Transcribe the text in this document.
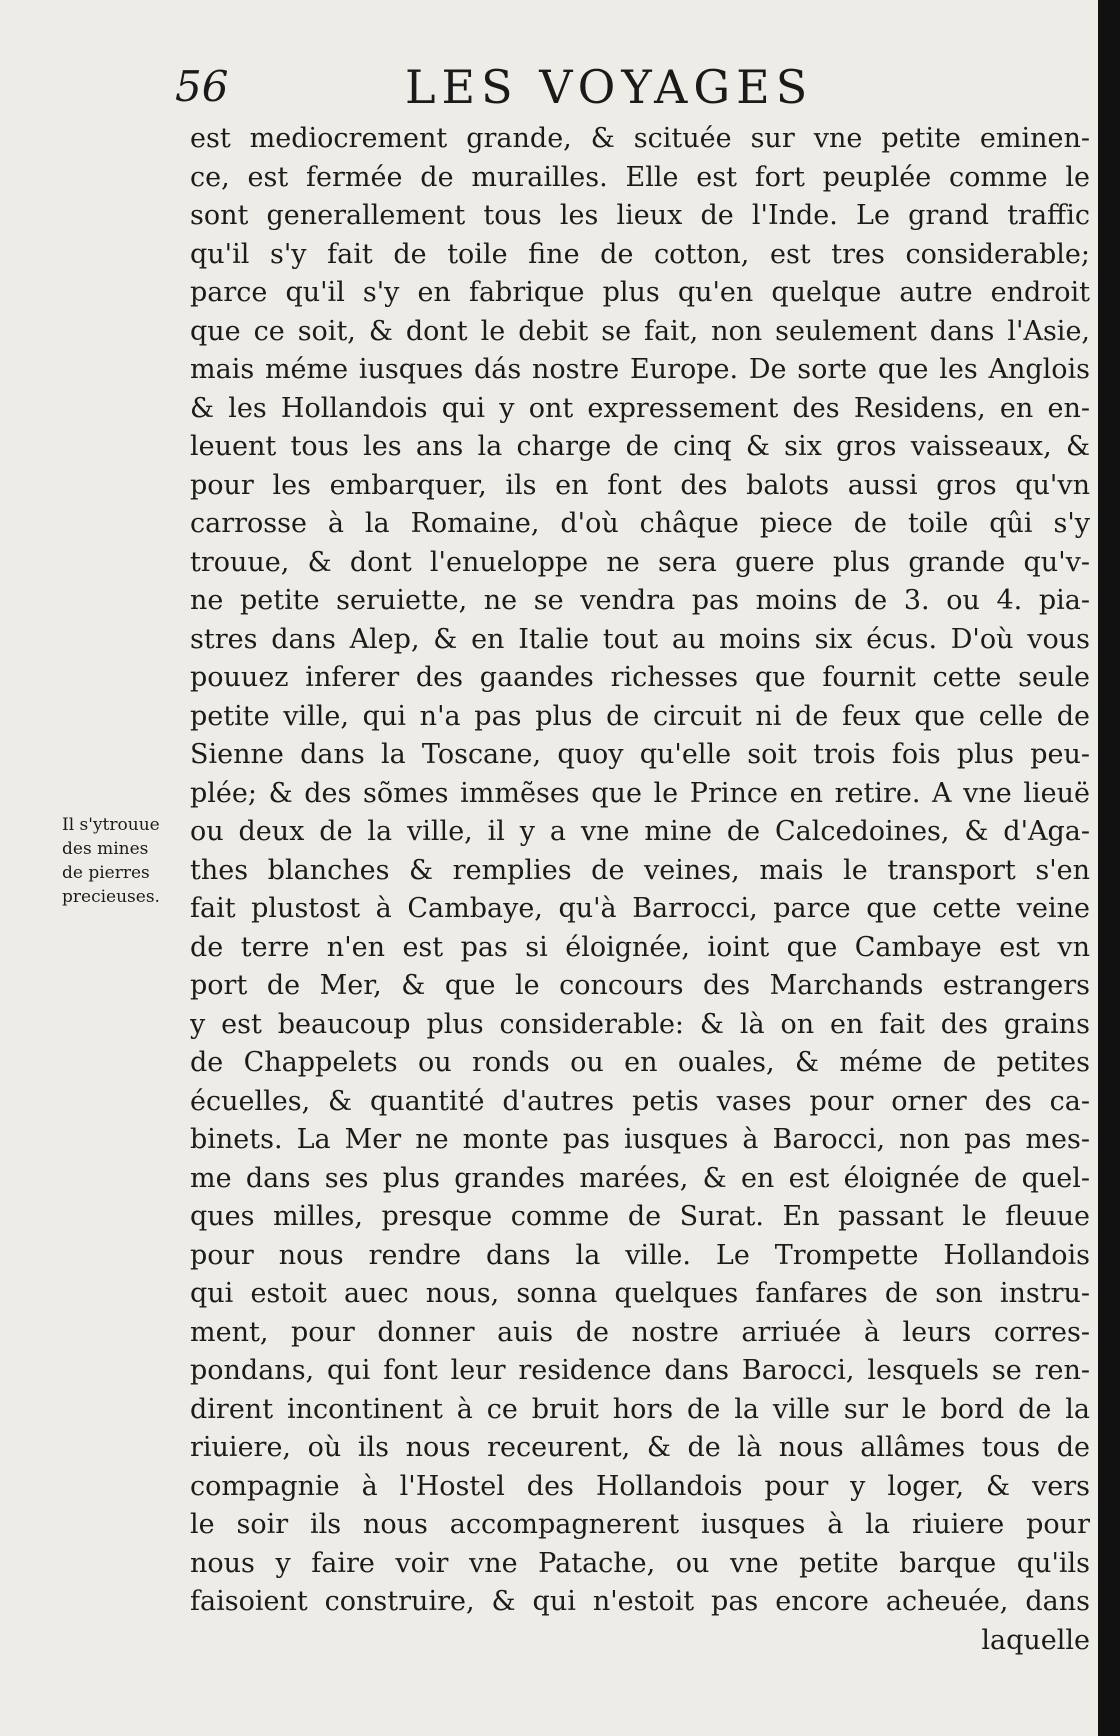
56	LES VOYAGES
Il s'ytrouue
des mines
de pierres
precieuses.
est mediocrement grande, & scituée sur vne petite eminen-
ce, est fermée de murailles. Elle est fort peuplée comme le
sont generallement tous les lieux de l'Inde. Le grand traffic
qu'il s'y fait de toile fine de cotton, est tres considerable;
parce qu'il s'y en fabrique plus qu'en quelque autre endroit
que ce soit, & dont le debit se fait, non seulement dans l'Asie,
mais méme iusques dás nostre Europe. De sorte que les Anglois
& les Hollandois qui y ont expressement des Residens, en en-
leuent tous les ans la charge de cinq & six gros vaisseaux, &
pour les embarquer, ils en font des balots aussi gros qu'vn
carrosse à la Romaine, d'où châque piece de toile qûi s'y
trouue, & dont l'enueloppe ne sera guere plus grande qu'v-
ne petite seruiette, ne se vendra pas moins de 3. ou 4. pia-
stres dans Alep, & en Italie tout au moins six écus. D'où vous
pouuez inferer des gaandes richesses que fournit cette seule
petite ville, qui n'a pas plus de circuit ni de feux que celle de
Sienne dans la Toscane, quoy qu'elle soit trois fois plus peu-
plée; & des sõmes immẽses que le Prince en retire. A vne lieuë
ou deux de la ville, il y a vne mine de Calcedoines, & d'Aga-
thes blanches & remplies de veines, mais le transport s'en
fait plustost à Cambaye, qu'à Barrocci, parce que cette veine
de terre n'en est pas si éloignée, ioint que Cambaye est vn
port de Mer, & que le concours des Marchands estrangers
y est beaucoup plus considerable: & là on en fait des grains
de Chappelets ou ronds ou en ouales, & méme de petites
écuelles, & quantité d'autres petis vases pour orner des ca-
binets. La Mer ne monte pas iusques à Barocci, non pas mes-
me dans ses plus grandes marées, & en est éloignée de quel-
ques milles, presque comme de Surat. En passant le fleuue
pour nous rendre dans la ville. Le Trompette Hollandois
qui estoit auec nous, sonna quelques fanfares de son instru-
ment, pour donner auis de nostre arriuée à leurs corres-
pondans, qui font leur residence dans Barocci, lesquels se ren-
dirent incontinent à ce bruit hors de la ville sur le bord de la
riuiere, où ils nous receurent, & de là nous allâmes tous de
compagnie à l'Hostel des Hollandois pour y loger, & vers
le soir ils nous accompagnerent iusques à la riuiere pour
nous y faire voir vne Patache, ou vne petite barque qu'ils
faisoient construire, & qui n'estoit pas encore acheuée, dans
laquelle
